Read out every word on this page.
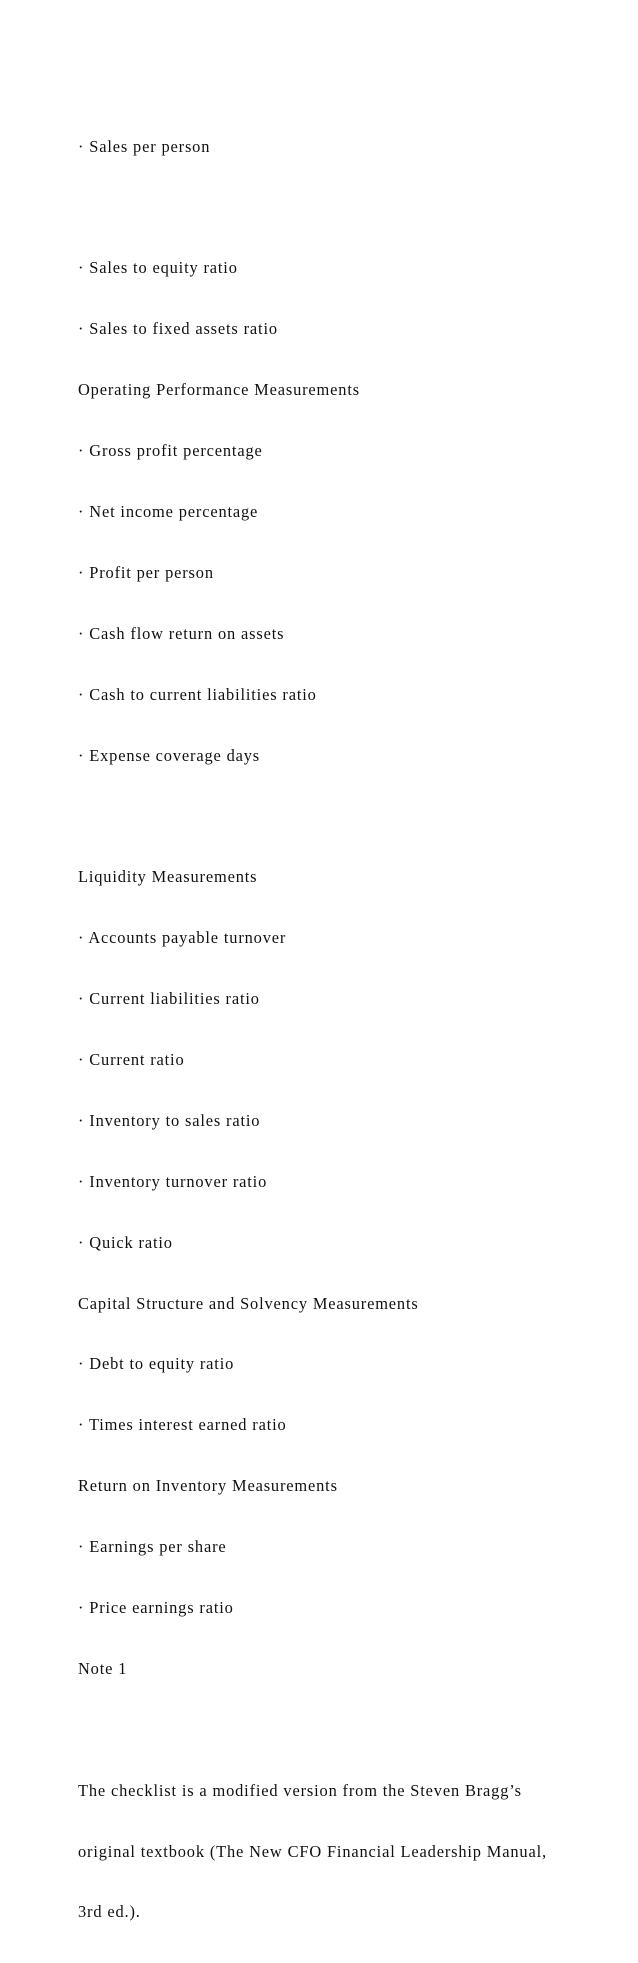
· Sales per person

· Sales to equity ratio

· Sales to fixed assets ratio

Operating Performance Measurements

· Gross profit percentage

· Net income percentage

· Profit per person

· Cash flow return on assets

· Cash to current liabilities ratio

· Expense coverage days

Liquidity Measurements

· Accounts payable turnover

· Current liabilities ratio

· Current ratio

· Inventory to sales ratio

· Inventory turnover ratio

· Quick ratio

Capital Structure and Solvency Measurements

· Debt to equity ratio

· Times interest earned ratio

Return on Inventory Measurements

· Earnings per share

· Price earnings ratio

Note 1

The checklist is a modified version from the Steven Bragg’s

original textbook (The New CFO Financial Leadership Manual,

3rd ed.).
